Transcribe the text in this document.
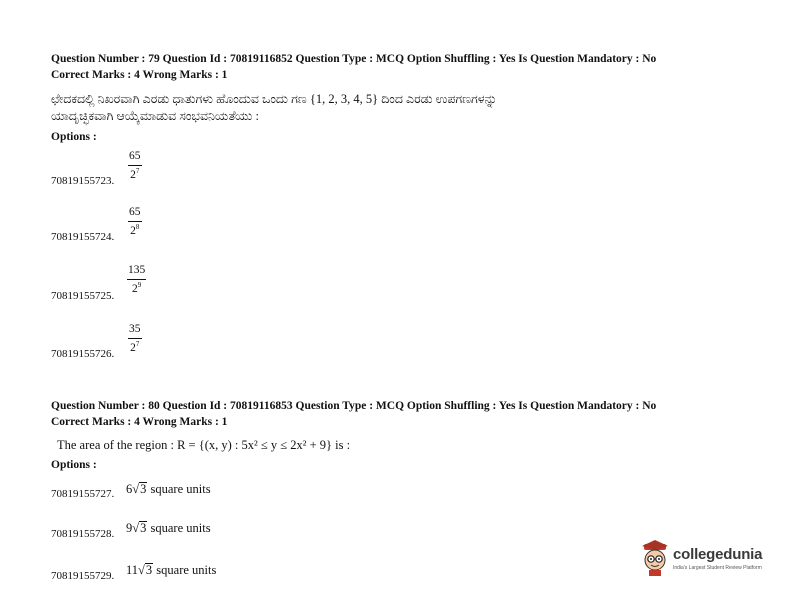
Question Number : 79 Question Id : 70819116852 Question Type : MCQ Option Shuffling : Yes Is Question Mandatory : No
Correct Marks : 4 Wrong Marks : 1
ಛೇದಕದಲ್ಲಿ ನಿಖರವಾಗಿ ಎರಡು ಧಾತುಗಳು ಹೊಂದುವ ಒಂದು ಗಣ {1, 2, 3, 4, 5} ದಿಂದ ಎರಡು ಉಪಗಣಗಳನ್ನು
ಯಾದೃಚ್ಛಿಕವಾಗಿ ಆಯ್ಕೆಮಾಡುವ ಸಂಭವನಿಯತೆಯು :
Options :
70819155723. $\frac{65}{2^7}$
70819155724. $\frac{65}{2^8}$
70819155725.
$\frac{135}{2^9}$
70819155726. $\frac{35}{2^7}$
Question Number : 80 Question Id : 70819116853 Question Type : MCQ Option Shuffling : Yes Is Question Mandatory : No
Correct Marks : 4 Wrong Marks : 1
The area of the region : R = {(x, y) : 5x² ≤ y ≤ 2x² + 9} is :
Options :
70819155727. 6√3 square units
70819155728. 9√3 square units
70819155729. 11√3 square units
collegedunia
India's Largest Student Review Platform
